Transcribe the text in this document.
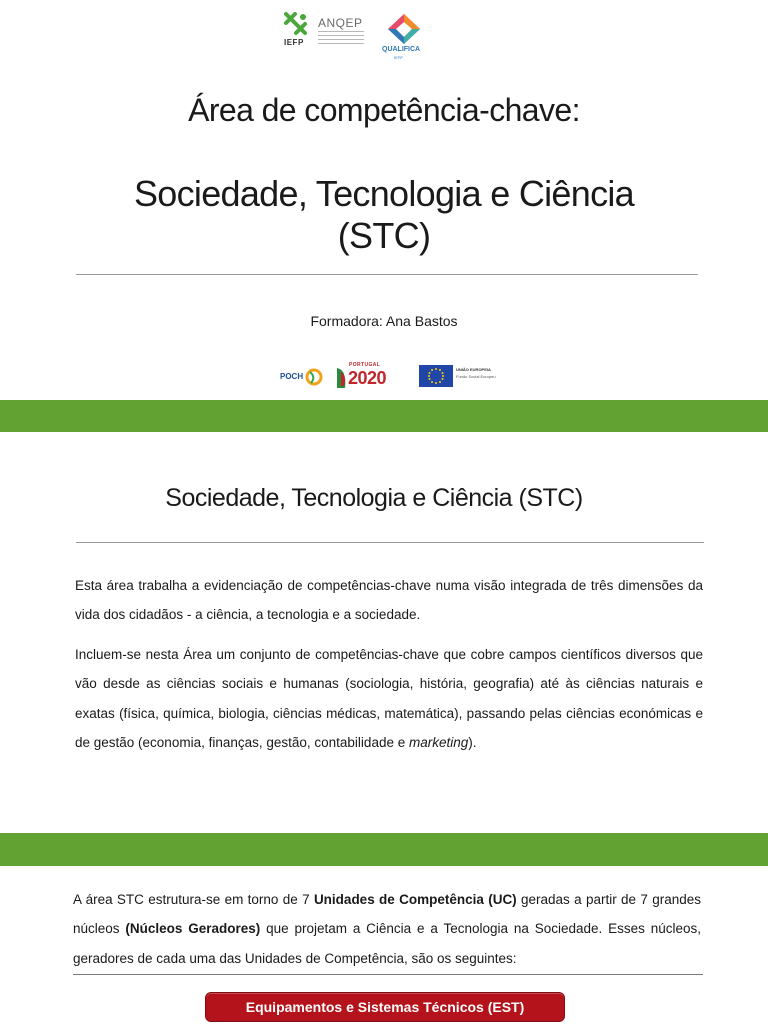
IEFP
ANQEP
QUALIFICA
IEFP
Área de competência-chave:
Sociedade, Tecnologia e Ciência
(STC)
Formadora: Ana Bastos
POCH
PORTUGAL
2020	UNIÃO EUROPEIA
Fundo Social Europeu
Sociedade, Tecnologia e Ciência (STC)

Esta área trabalha a evidenciação de competências-chave numa visão integrada de três dimensões da vida dos cidadãos - a ciência, a tecnologia e a sociedade.

Incluem-se nesta Área um conjunto de competências-chave que cobre campos científicos diversos que vão desde as ciências sociais e humanas (sociologia, história, geografia) até às ciências naturais e exatas (física, química, biologia, ciências médicas, matemática), passando pelas ciências económicas e de gestão (economia, finanças, gestão, contabilidade e marketing).

A área STC estrutura-se em torno de 7 Unidades de Competência (UC) geradas a partir de 7 grandes núcleos (Núcleos Geradores) que projetam a Ciência e a Tecnologia na Sociedade. Esses núcleos, geradores de cada uma das Unidades de Competência, são os seguintes:

Equipamentos e Sistemas Técnicos (EST)
